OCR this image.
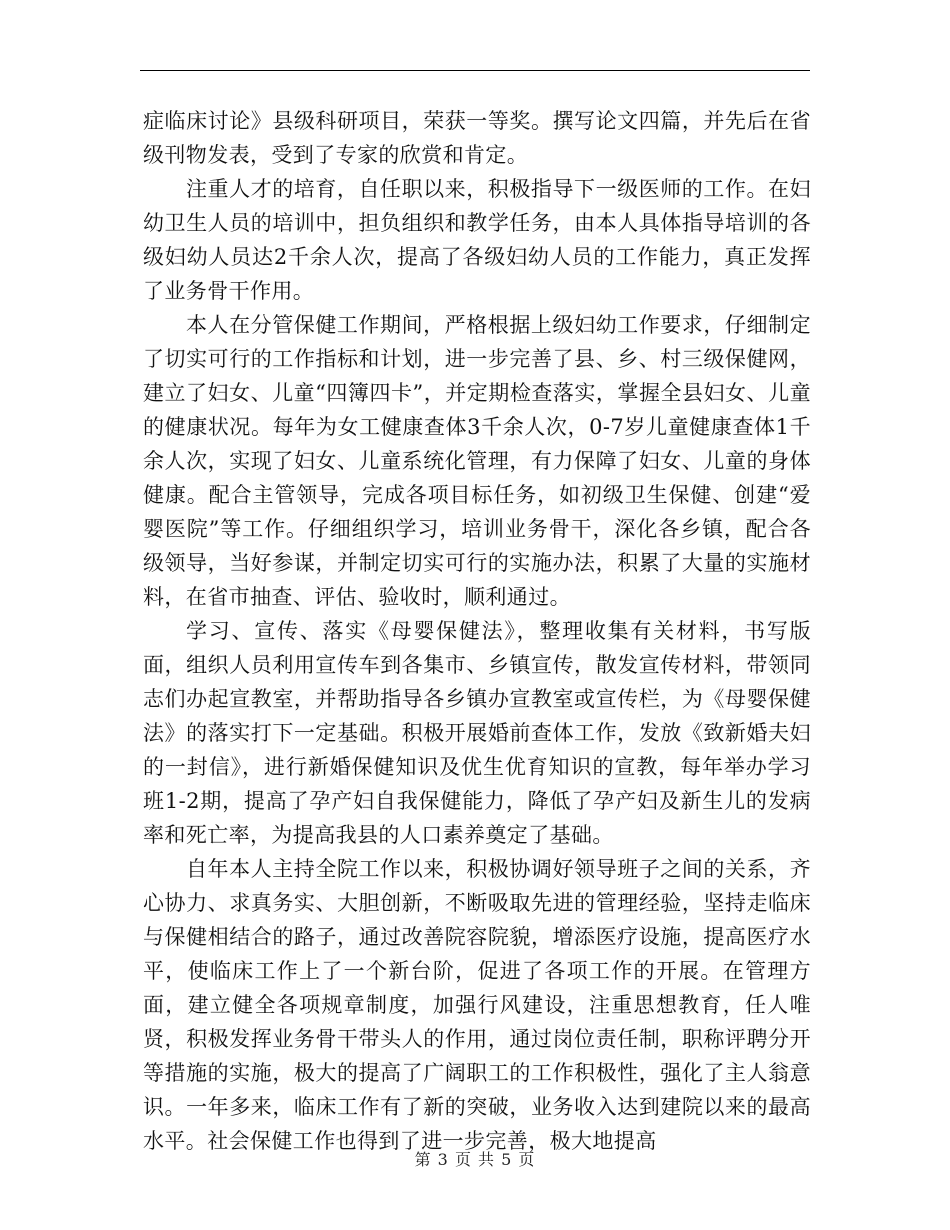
症临床讨论》县级科研项目，荣获一等奖。撰写论文四篇，并先后在省级刊物发表，受到了专家的欣赏和肯定。

注重人才的培育，自任职以来，积极指导下一级医师的工作。在妇幼卫生人员的培训中，担负组织和教学任务，由本人具体指导培训的各级妇幼人员达2千余人次，提高了各级妇幼人员的工作能力，真正发挥了业务骨干作用。

本人在分管保健工作期间，严格根据上级妇幼工作要求，仔细制定了切实可行的工作指标和计划，进一步完善了县、乡、村三级保健网，建立了妇女、儿童“四簿四卡”，并定期检查落实，掌握全县妇女、儿童的健康状况。每年为女工健康查体3千余人次，0-7岁儿童健康查体1千余人次，实现了妇女、儿童系统化管理，有力保障了妇女、儿童的身体健康。配合主管领导，完成各项目标任务，如初级卫生保健、创建“爱婴医院”等工作。仔细组织学习，培训业务骨干，深化各乡镇，配合各级领导，当好参谋，并制定切实可行的实施办法，积累了大量的实施材料，在省市抽查、评估、验收时，顺利通过。

学习、宣传、落实《母婴保健法》，整理收集有关材料，书写版面，组织人员利用宣传车到各集市、乡镇宣传，散发宣传材料，带领同志们办起宣教室，并帮助指导各乡镇办宣教室或宣传栏，为《母婴保健法》的落实打下一定基础。积极开展婚前查体工作，发放《致新婚夫妇的一封信》，进行新婚保健知识及优生优育知识的宣教，每年举办学习班1-2期，提高了孕产妇自我保健能力，降低了孕产妇及新生儿的发病率和死亡率，为提高我县的人口素养奠定了基础。

自年本人主持全院工作以来，积极协调好领导班子之间的关系，齐心协力、求真务实、大胆创新，不断吸取先进的管理经验，坚持走临床与保健相结合的路子，通过改善院容院貌，增添医疗设施，提高医疗水平，使临床工作上了一个新台阶，促进了各项工作的开展。在管理方面，建立健全各项规章制度，加强行风建设，注重思想教育，任人唯贤，积极发挥业务骨干带头人的作用，通过岗位责任制，职称评聘分开等措施的实施，极大的提高了广阔职工的工作积极性，强化了主人翁意识。一年多来，临床工作有了新的突破，业务收入达到建院以来的最高水平。社会保健工作也得到了进一步完善，极大地提高

第 3 页 共 5 页
